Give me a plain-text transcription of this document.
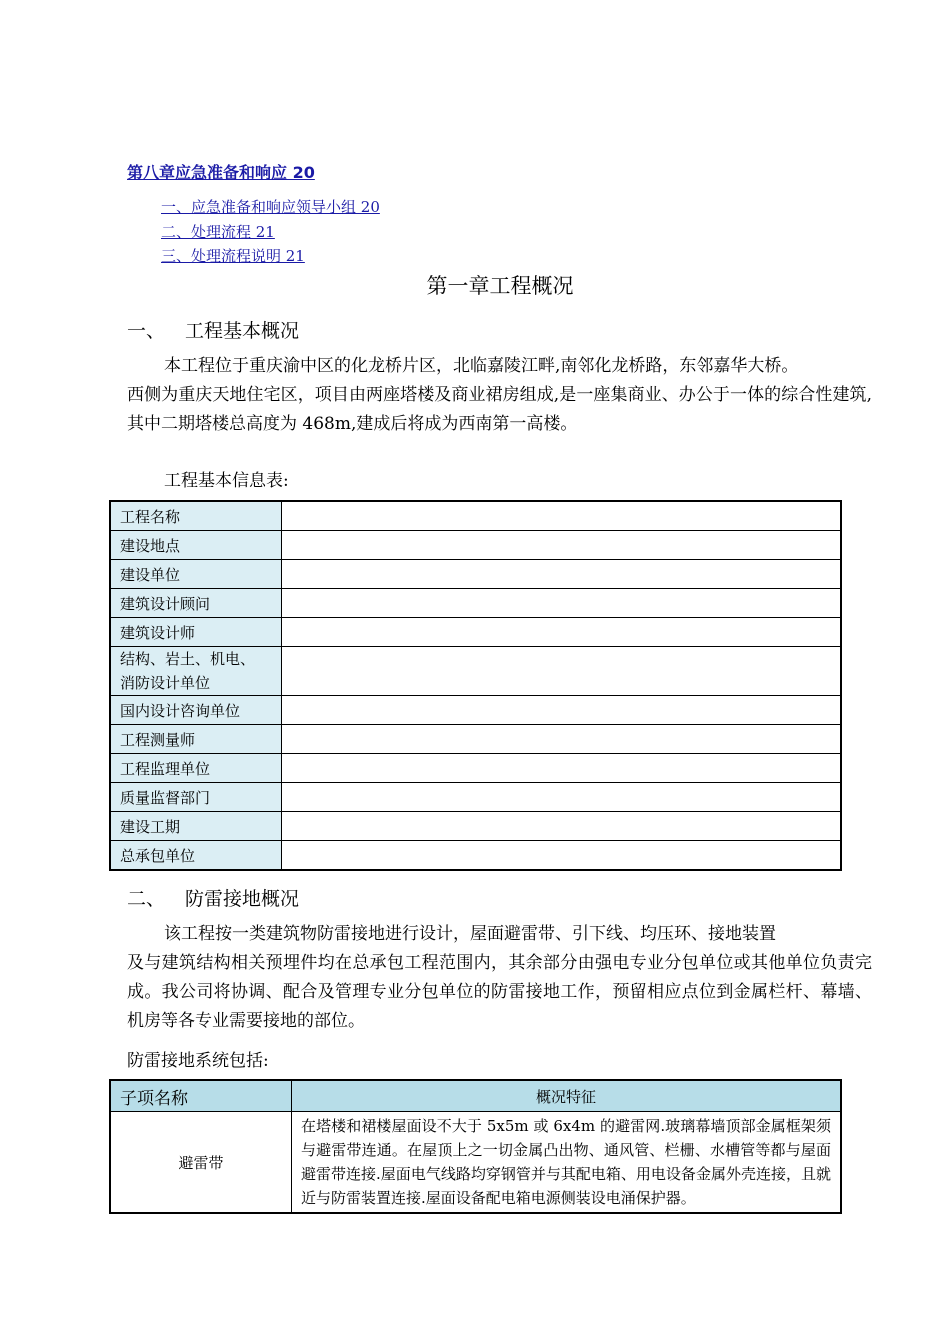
第八章应急准备和响应 20
一、应急准备和响应领导小组 20
二、处理流程 21
三、处理流程说明 21
第一章工程概况
一、 工程基本概况
本工程位于重庆渝中区的化龙桥片区，北临嘉陵江畔,南邻化龙桥路，东邻嘉华大桥。
西侧为重庆天地住宅区，项目由两座塔楼及商业裙房组成,是一座集商业、办公于一体的综合性建筑,其中二期塔楼总高度为 468m,建成后将成为西南第一高楼。
工程基本信息表:
工程名称	
建设地点	
建设单位	
建筑设计顾问	
建筑设计师	
结构、岩土、机电、
消防设计单位	
国内设计咨询单位	
工程测量师	
工程监理单位	
质量监督部门	
建设工期	
总承包单位	
二、 防雷接地概况
该工程按一类建筑物防雷接地进行设计，屋面避雷带、引下线、均压环、接地装置
及与建筑结构相关预埋件均在总承包工程范围内，其余部分由强电专业分包单位或其他单位负责完成。我公司将协调、配合及管理专业分包单位的防雷接地工作，预留相应点位到金属栏杆、幕墙、机房等各专业需要接地的部位。
防雷接地系统包括:
子项名称	概况特征
避雷带	在塔楼和裙楼屋面设不大于 5x5m 或 6x4m 的避雷网.玻璃幕墙顶部金属框架须与避雷带连通。在屋顶上之一切金属凸出物、通风管、栏栅、水槽管等都与屋面避雷带连接.屋面电气线路均穿钢管并与其配电箱、用电设备金属外壳连接，且就近与防雷装置连接.屋面设备配电箱电源侧装设电涌保护器。
